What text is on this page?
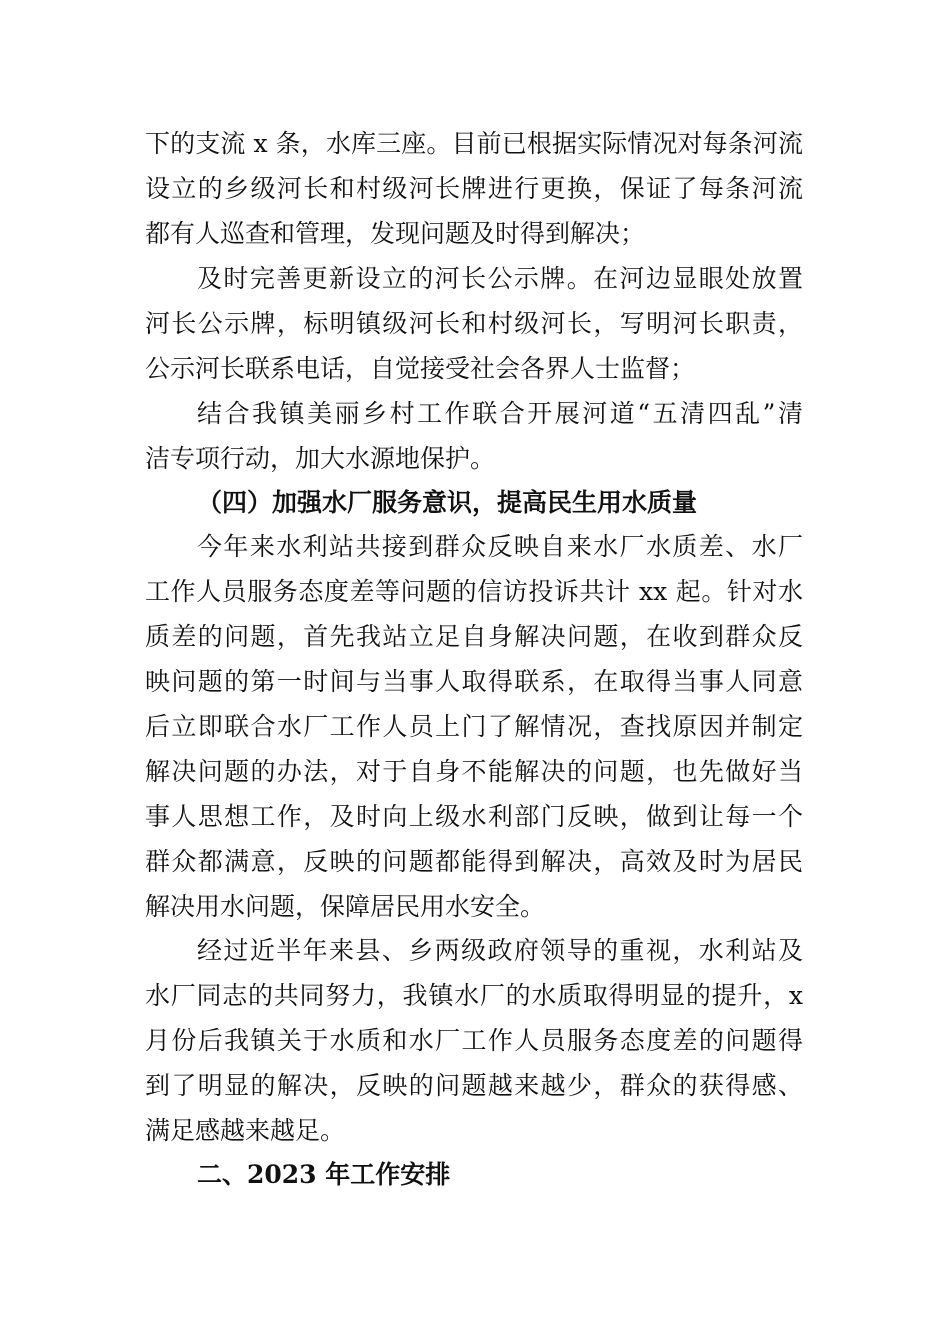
下的支流 x 条，水库三座。目前已根据实际情况对每条河流
设立的乡级河长和村级河长牌进行更换，保证了每条河流
都有人巡查和管理，发现问题及时得到解决；
及时完善更新设立的河长公示牌。在河边显眼处放置
河长公示牌，标明镇级河长和村级河长，写明河长职责，
公示河长联系电话，自觉接受社会各界人士监督；
结合我镇美丽乡村工作联合开展河道“五清四乱”清
洁专项行动，加大水源地保护。
（四）加强水厂服务意识，提高民生用水质量
今年来水利站共接到群众反映自来水厂水质差、水厂
工作人员服务态度差等问题的信访投诉共计 xx 起。针对水
质差的问题，首先我站立足自身解决问题，在收到群众反
映问题的第一时间与当事人取得联系，在取得当事人同意
后立即联合水厂工作人员上门了解情况，查找原因并制定
解决问题的办法，对于自身不能解决的问题，也先做好当
事人思想工作，及时向上级水利部门反映，做到让每一个
群众都满意，反映的问题都能得到解决，高效及时为居民
解决用水问题，保障居民用水安全。
经过近半年来县、乡两级政府领导的重视，水利站及
水厂同志的共同努力，我镇水厂的水质取得明显的提升，x
月份后我镇关于水质和水厂工作人员服务态度差的问题得
到了明显的解决，反映的问题越来越少，群众的获得感、
满足感越来越足。
二、2023 年工作安排
